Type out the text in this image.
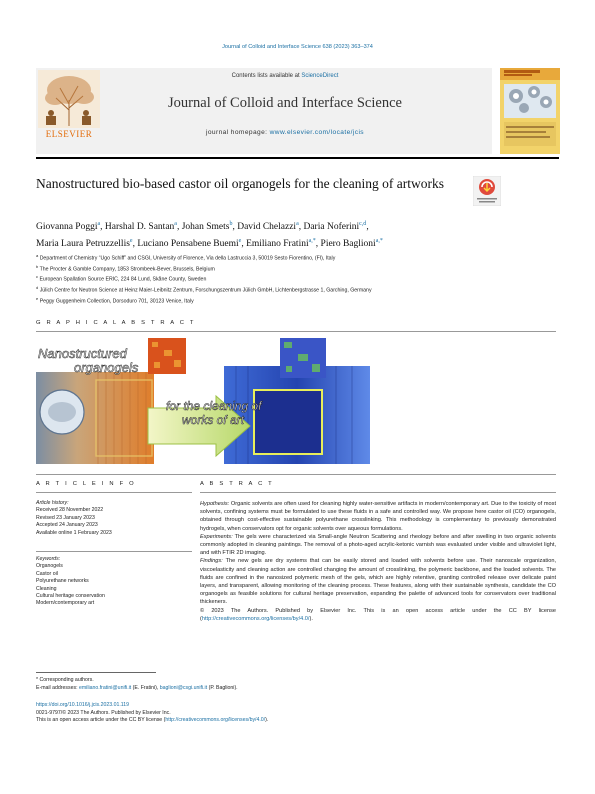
Journal of Colloid and Interface Science 638 (2023) 363–374
ELSEVIER
Contents lists available at ScienceDirect
Journal of Colloid and Interface Science
journal homepage: www.elsevier.com/locate/jcis
Nanostructured bio-based castor oil organogels for the cleaning of artworks
Giovanna Poggi$^a$, Harshal D. Santan$^a$, Johan Smets$^b$, David Chelazzi$^a$, Daria Noferini$^{c,d}$,
Maria Laura Petruzzellis$^e$, Luciano Pensabene Buemi$^e$, Emiliano Fratini$^{a,*}$, Piero Baglioni$^{a,*}$
$^a$ Department of Chemistry “Ugo Schiff” and CSGI, University of Florence, Via della Lastruccia 3, 50019 Sesto Fiorentino, (FI), Italy
$^b$ The Procter & Gamble Company, 1853 Strombeek-Bever, Brussels, Belgium
$^c$ European Spallation Source ERIC, 224 84 Lund, Skåne County, Sweden
$^d$ Jülich Centre for Neutron Science at Heinz Maier-Leibnitz Zentrum, Forschungszentrum Jülich GmbH, Lichtenbergstrasse 1, Garching, Germany
$^e$ Peggy Guggenheim Collection, Dorsoduro 701, 30123 Venice, Italy
G R A P H I C A L A B S T R A C T
Nanostructured
organogels
for the cleaning of
works of art
A R T I C L E I N F O	A B S T R A C T
Article history:
Received 28 November 2022
Revised 23 January 2023
Accepted 24 January 2023
Available online 1 February 2023
Keywords:
Organogels
Castor oil
Polyurethane networks
Cleaning
Cultural heritage conservation
Modern/contemporary art

Hypothesis: Organic solvents are often used for cleaning highly water-sensitive artifacts in modern/contemporary art. Due to the toxicity of most solvents, confining systems must be formulated to use these fluids in a safe and controlled way. We propose here castor oil (CO) organogels, obtained through cost-effective sustainable polyurethane crosslinking. This methodology is complementary to previously demonstrated hydrogels, when conservators opt for organic solvents over aqueous formulations.

Experiments: The gels were characterized via Small-angle Neutron Scattering and rheology before and after swelling in two organic solvents commonly adopted in cleaning paintings. The removal of a photo-aged acrylic-ketonic varnish was evaluated under visible and ultraviolet light, and with FTIR 2D imaging.

Findings: The new gels are dry systems that can be easily stored and loaded with solvents before use. Their nanoscale organization, viscoelasticity and cleaning action are controlled changing the amount of crosslinking, the polymeric backbone, and the loaded solvents. The fluids are confined in the nanosized polymeric mesh of the gels, which are highly retentive, granting controlled release over delicate paint layers, and transparent, allowing monitoring of the cleaning process. These features, along with their sustainable synthesis, candidate the CO organogels as feasible solutions for cultural heritage preservation, expanding the palette of advanced tools for conservators over traditional thickeners.

© 2023 The Authors. Published by Elsevier Inc. This is an open access article under the CC BY license (http://creativecommons.org/licenses/by/4.0/).

* Corresponding authors.
E-mail addresses: emiliano.fratini@unifi.it (E. Fratini), baglioni@csgi.unifi.it (P. Baglioni).
https://doi.org/10.1016/j.jcis.2023.01.119
0021-9797/© 2023 The Authors. Published by Elsevier Inc.
This is an open access article under the CC BY license (http://creativecommons.org/licenses/by/4.0/).
